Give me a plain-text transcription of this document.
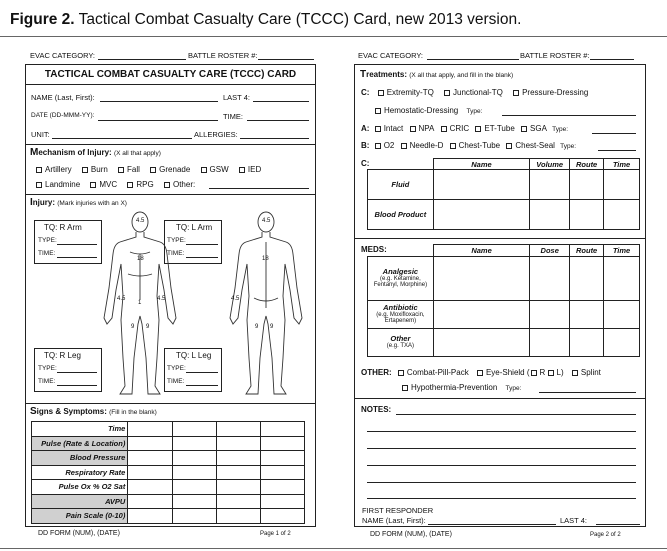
Figure 2. Tactical Combat Casualty Care (TCCC) Card, new 2013 version.
EVAC CATEGORY:	BATTLE ROSTER #:
TACTICAL COMBAT CASUALTY CARE (TCCC) CARD
NAME (Last, First):	LAST 4:
DATE (DD-MMM-YY):	TIME:
UNIT:	ALLERGIES:
Mechanism of Injury: (X all that apply)
Artillery Burn Fall Grenade GSW IED
Landmine MVC RPG Other:
Injury: (Mark injuries with an X)
TQ: R Arm
TYPE:
TIME:
TQ: L Arm
TYPE:
TIME:
TQ: R Leg
TYPE:
TIME:
TQ: L Leg
TYPE:
TIME:
4.5	4.5
18
4.5
1
9 9
4.5
18
4.5
9 9
Signs & Symptoms: (Fill in the blank)
Time				
Pulse (Rate & Location)				
Blood Pressure				
Respiratory Rate				
Pulse Ox % O2 Sat				
AVPU				
Pain Scale (0-10)				
DD FORM (NUM), (DATE)	Page 1 of 2
EVAC CATEGORY:	BATTLE ROSTER #:
Treatments: (X all that apply, and fill in the blank)
C: Extremity-TQ Junctional-TQ Pressure-Dressing
Hemostatic-Dressing Type:
A: Intact NPA CRIC ET-Tube SGA Type:
B: O2 Needle-D Chest-Tube Chest-Seal Type:
C:
		Name	Volume	Route	Time
Fluid				
Blood Product				
MEDS:
		Name	Dose	Route	Time

Analgesic
(e.g. Ketamine, Fentanyl, Morphine)				

Antibiotic
(e.g. Moxifloxacin, Ertapenem)				

Other
(e.g. TXA)				

OTHER: Combat-Pill-Pack Eye-Shield ( R L) Splint
Hypothermia-Prevention Type:
NOTES:
FIRST RESPONDER
NAME (Last, First):	LAST 4:
DD FORM (NUM), (DATE)	Page 2 of 2
